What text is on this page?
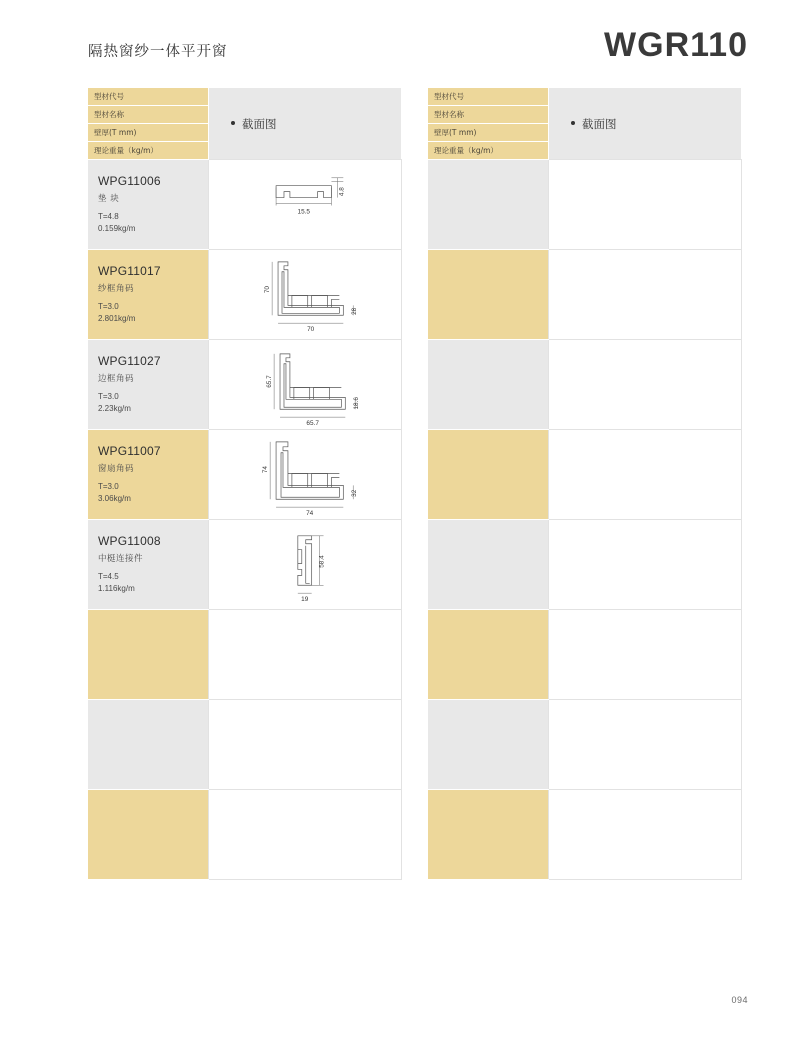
隔热窗纱一体平开窗	WGR110
型材代号	截面图
型材名称	
壁厚(T mm)	
理论重量（kg/m）	

WPG11006
垫 块
T=4.8
0.159kg/m

4.8
15.5

WPG11017
纱框角码
T=3.0
2.801kg/m

70
28
70

WPG11027
边框角码
T=3.0
2.23kg/m

65.7
18.6
65.7

WPG11007
窗扇角码
T=3.0
3.06kg/m

74
32
74

WPG11008
中梃连接件
T=4.5
1.116kg/m

58.4
19

型材代号	截面图
型材名称	
壁厚(T mm)	
理论重量（kg/m）	

094
